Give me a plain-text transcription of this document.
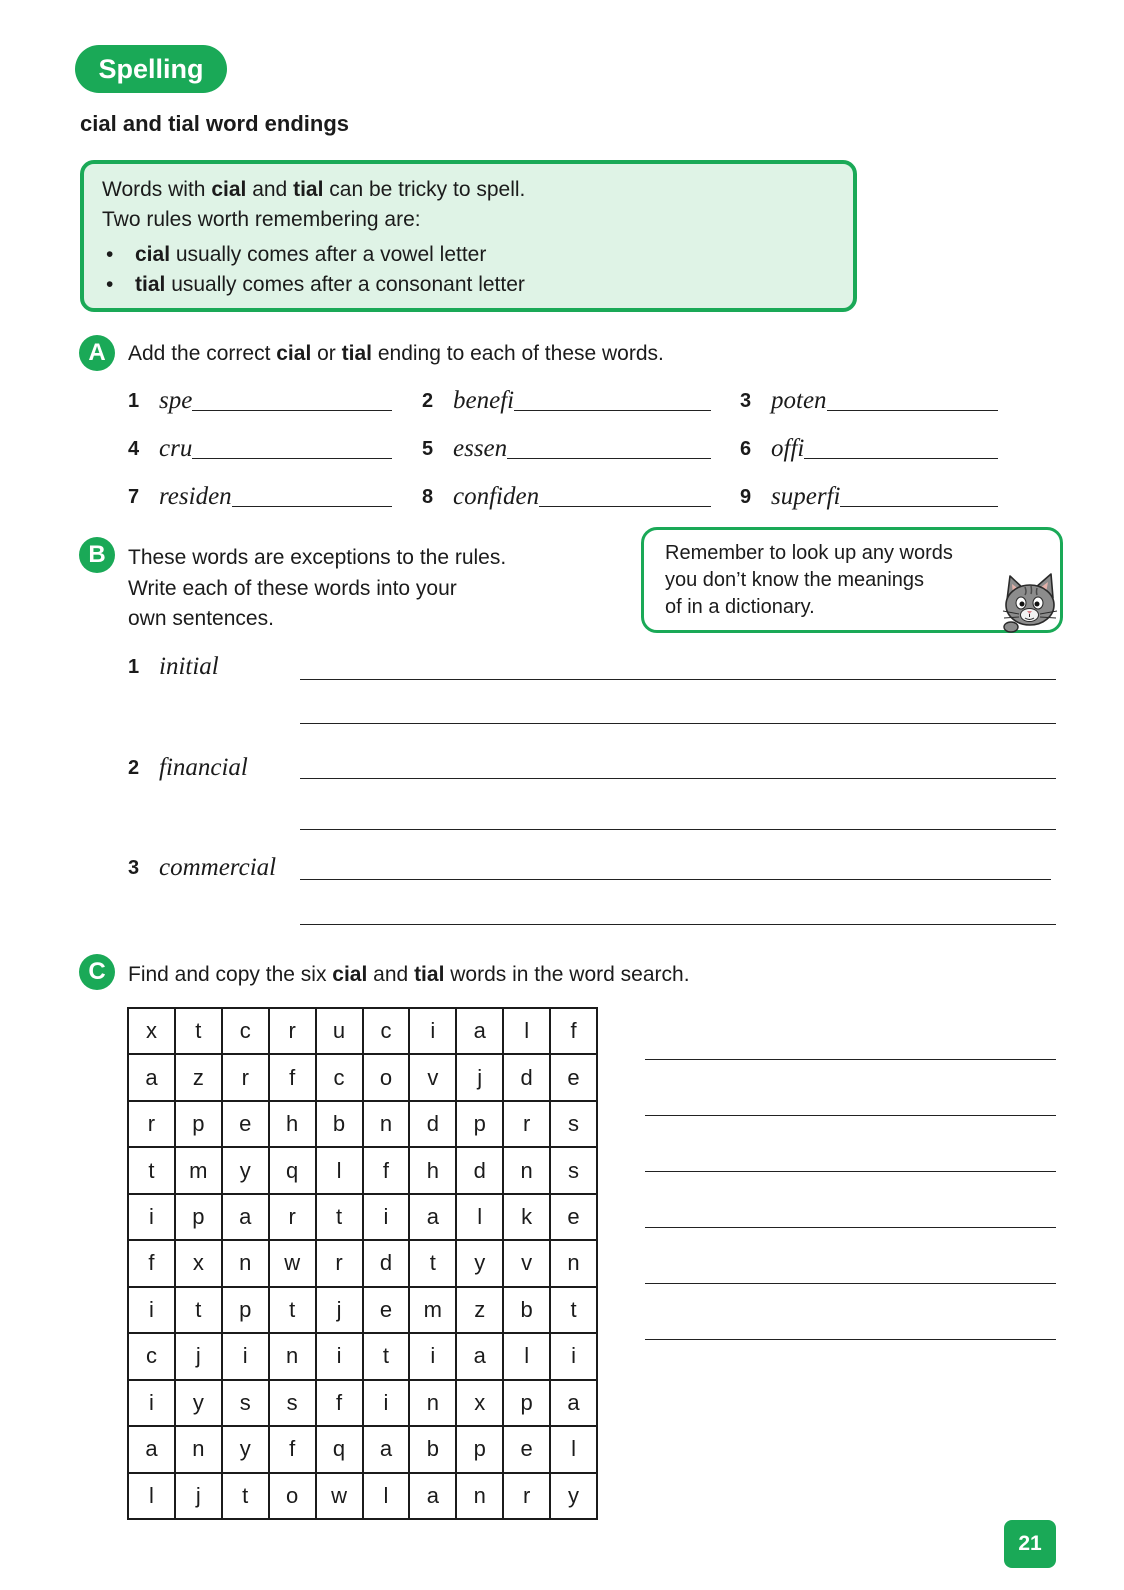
Spelling
cial and tial word endings
Words with cial and tial can be tricky to spell.
Two rules worth remembering are:
• cial usually comes after a vowel letter
• tial usually comes after a consonant letter
A	Add the correct cial or tial ending to each of these words.
1 spe	2 benefi	3 poten
4 cru	5 essen	6 offi
7 residen	8 confiden	9 superfi
B	These words are exceptions to the rules.
Write each of these words into your
own sentences.
Remember to look up any words
you don’t know the meanings
of in a dictionary.
1 initial
2 financial
3 commercial
C	Find and copy the six cial and tial words in the word search.
x	t	c	r	u	c	i	a	l	f
a	z	r	f	c	o	v	j	d	e
r	p	e	h	b	n	d	p	r	s
t	m	y	q	l	f	h	d	n	s
i	p	a	r	t	i	a	l	k	e
f	x	n	w	r	d	t	y	v	n
i	t	p	t	j	e	m	z	b	t
c	j	i	n	i	t	i	a	l	i
i	y	s	s	f	i	n	x	p	a
a	n	y	f	q	a	b	p	e	l
l	j	t	o	w	l	a	n	r	y
21
